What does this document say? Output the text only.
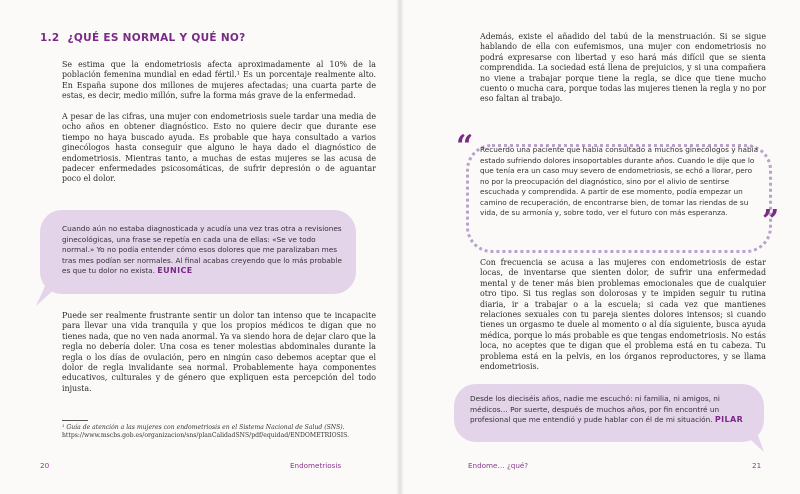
1.2 ¿QUÉ ES NORMAL Y QUÉ NO?

Se estima que la endometriosis afecta aproximadamente al 10% de la población femenina mundial en edad fértil.¹ Es un porcentaje realmente alto. En España supone dos millones de mujeres afectadas; una cuarta parte de estas, es decir, medio millón, sufre la forma más grave de la enfermedad.

A pesar de las cifras, una mujer con endometriosis suele tardar una media de ocho años en obtener diagnóstico. Esto no quiere decir que durante ese tiempo no haya buscado ayuda. Es probable que haya consultado a varios ginecólogos hasta conseguir que alguno le haya dado el diagnóstico de endometriosis. Mientras tanto, a muchas de estas mujeres se las acusa de padecer enfermedades psicosomáticas, de sufrir depresión o de aguantar poco el dolor.

Cuando aún no estaba diagnosticada y acudía una vez tras otra a revisiones ginecológicas, una frase se repetía en cada una de ellas: «Se ve todo normal.» Yo no podía entender cómo esos dolores que me paralizaban mes tras mes podían ser normales. Al final acabas creyendo que lo más probable es que tu dolor no exista. EUNICE

Puede ser realmente frustrante sentir un dolor tan intenso que te incapacite para llevar una vida tranquila y que los propios médicos te digan que no tienes nada, que no ven nada anormal. Ya va siendo hora de dejar claro que la regla no debería doler. Una cosa es tener molestias abdominales durante la regla o los días de ovulación, pero en ningún caso debemos aceptar que el dolor de regla invalidante sea normal. Probablemente haya componentes educativos, culturales y de género que expliquen esta percepción del todo injusta.

¹ Guía de atención a las mujeres con endometriosis en el Sistema Nacional de Salud (SNS). https://www.mscbs.gob.es/organizacion/sns/planCalidadSNS/pdf/equidad/ENDOMETRIOSIS.

20	Endometriosis

Además, existe el añadido del tabú de la menstruación. Si se sigue hablando de ella con eufemismos, una mujer con endometriosis no podrá expresarse con libertad y eso hará más difícil que se sienta comprendida. La sociedad está llena de prejuicios, y si una compañera no viene a trabajar porque tiene la regla, se dice que tiene mucho cuento o mucha cara, porque todas las mujeres tienen la regla y no por eso faltan al trabajo.

“
”

Recuerdo una paciente que había consultado a muchos ginecólogos y había estado sufriendo dolores insoportables durante años. Cuando le dije que lo que tenía era un caso muy severo de endometriosis, se echó a llorar, pero no por la preocupación del diagnóstico, sino por el alivio de sentirse escuchada y comprendida. A partir de ese momento, podía empezar un camino de recuperación, de encontrarse bien, de tomar las riendas de su vida, de su armonía y, sobre todo, ver el futuro con más esperanza.

Con frecuencia se acusa a las mujeres con endometriosis de estar locas, de inventarse que sienten dolor, de sufrir una enfermedad mental y de tener más bien problemas emocionales que de cualquier otro tipo. Si tus reglas son dolorosas y te impiden seguir tu rutina diaria, ir a trabajar o a la escuela; si cada vez que mantienes relaciones sexuales con tu pareja sientes dolores intensos; si cuando tienes un orgasmo te duele al momento o al día siguiente, busca ayuda médica, porque lo más probable es que tengas endometriosis. No estás loca, no aceptes que te digan que el problema está en tu cabeza. Tu problema está en la pelvis, en los órganos reproductores, y se llama endometriosis.

Desde los dieciséis años, nadie me escuchó: ni familia, ni amigos, ni médicos… Por suerte, después de muchos años, por fin encontré un profesional que me entendió y pude hablar con él de mi situación. PILAR

Endome… ¿qué?	21
